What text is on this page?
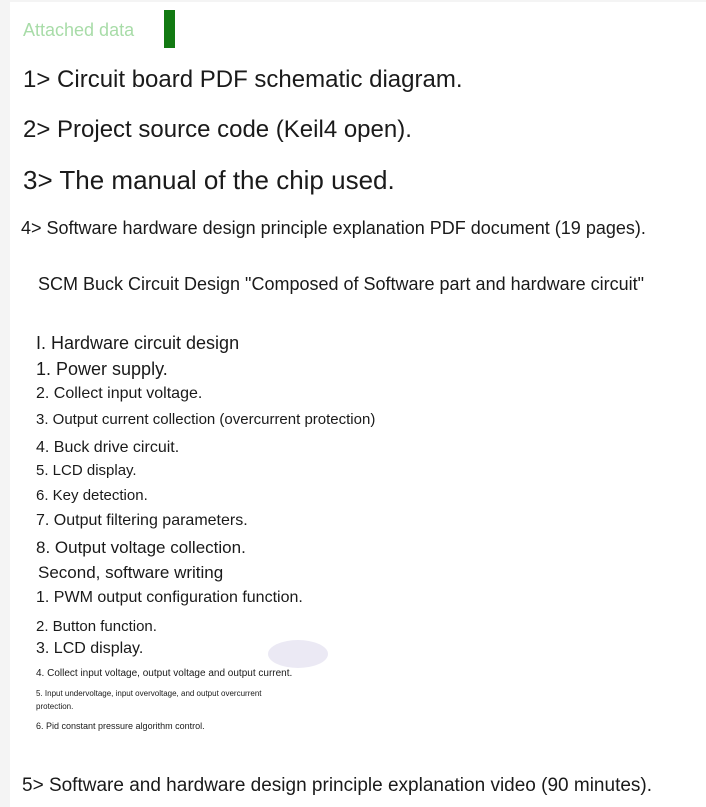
Attached data
1> Circuit board PDF schematic diagram.
2> Project source code (Keil4 open).
3> The manual of the chip used.
4> Software hardware design principle explanation PDF document (19 pages).
SCM Buck Circuit Design "Composed of Software part and hardware circuit"
I. Hardware circuit design
1. Power supply.
2. Collect input voltage.
3. Output current collection (overcurrent protection)
4. Buck drive circuit.
5. LCD display.
6. Key detection.
7. Output filtering parameters.
8. Output voltage collection.
Second, software writing
1. PWM output configuration function.
2. Button function.
3. LCD display.
4. Collect input voltage, output voltage and output current.
5. Input undervoltage, input overvoltage, and output overcurrent
protection.
6. Pid constant pressure algorithm control.
5> Software and hardware design principle explanation video (90 minutes).
